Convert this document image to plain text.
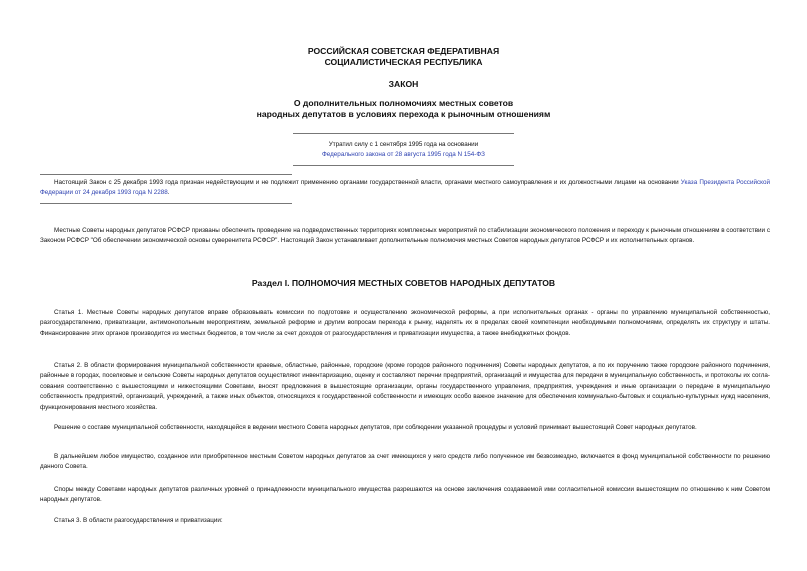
РОССИЙСКАЯ СОВЕТСКАЯ ФЕДЕРАТИВНАЯ
СОЦИАЛИСТИЧЕСКАЯ РЕСПУБЛИКА
ЗАКОН
О дополнительных полномочиях местных советов
народных депутатов в условиях перехода к рыночным отношениям
Утратил силу с 1 сентября 1995 года на основании
Федерального закона от 28 августа 1995 года N 154-ФЗ
Настоящий Закон с 25 декабря 1993 года признан недействующим и не подлежит применению органами государственной власти, органами местного самоуправления и их должностными лицами на основании Указа Президента Российской Федерации от 24 декабря 1993 года N 2288.
Местные Советы народных депутатов РСФСР призваны обеспечить проведение на подведомственных территориях комплексных мероприятий по стабилизации экономического положения и переходу к рыночным отношениям в соответствии с Законом РСФСР "Об обеспечении экономической основы суверенитета РСФСР". Настоящий Закон устанавливает дополнительные полномочия местных Советов народных депутатов РСФСР и их исполнительных органов.
Раздел I. ПОЛНОМОЧИЯ МЕСТНЫХ СОВЕТОВ НАРОДНЫХ ДЕПУТАТОВ
Статья 1. Местные Советы народных депутатов вправе образовывать комиссии по подготовке и осуществлению экономической реформы, а при исполнительных органах - органы по управлению муниципальной собственностью, разгосударствлению, приватизации, антимонопольным мероприятиям, земельной реформе и другим вопросам перехода к рынку, наделять их в пределах своей компетенции необходимыми полномочиями, определять их структуру и штаты. Финансирование этих органов производится из местных бюджетов, в том числе за счет доходов от разгосударствления и приватизации имущества, а также внебюджетных фондов.
Статья 2. В области формирования муниципальной собственности краевые, областные, районные, городские (кроме городов районного подчинения) Советы народных депутатов, а по их поручению также городские районного подчинения, районные в городах, поселковые и сельские Советы народных депутатов осуществляют инвентаризацию, оценку и составляют перечни предприятий, организаций и имущества для передачи в муниципальную собственность, и протоколы их согла-сования соответственно с вышестоящими и нижестоящими Советами, вносят предложения в вышестоящие организации, органы государственного управления, предприятия, учреждения и иные организации о передаче в муниципальную собственность предприятий, организаций, учреждений, а также иных объектов, относящихся к государственной собственности и имеющих особо важное значение для обеспечения коммунально-бытовых и социально-культурных нужд населения, функционирования местного хозяйства.
Решение о составе муниципальной собственности, находящейся в ведении местного Совета народных депутатов, при соблюдении указанной процедуры и условий принимает вышестоящий Совет народных депутатов.
В дальнейшем любое имущество, созданное или приобретенное местным Советом народных депутатов за счет имеющихся у него средств либо полученное им безвозмездно, включается в фонд муниципальной собственности по решению данного Совета.
Споры между Советами народных депутатов различных уровней о принадлежности муниципального имущества разрешаются на основе заключения создаваемой ими согласительной комиссии вышестоящим по отношению к ним Советом народных депутатов.
Статья 3. В области разгосударствления и приватизации:
